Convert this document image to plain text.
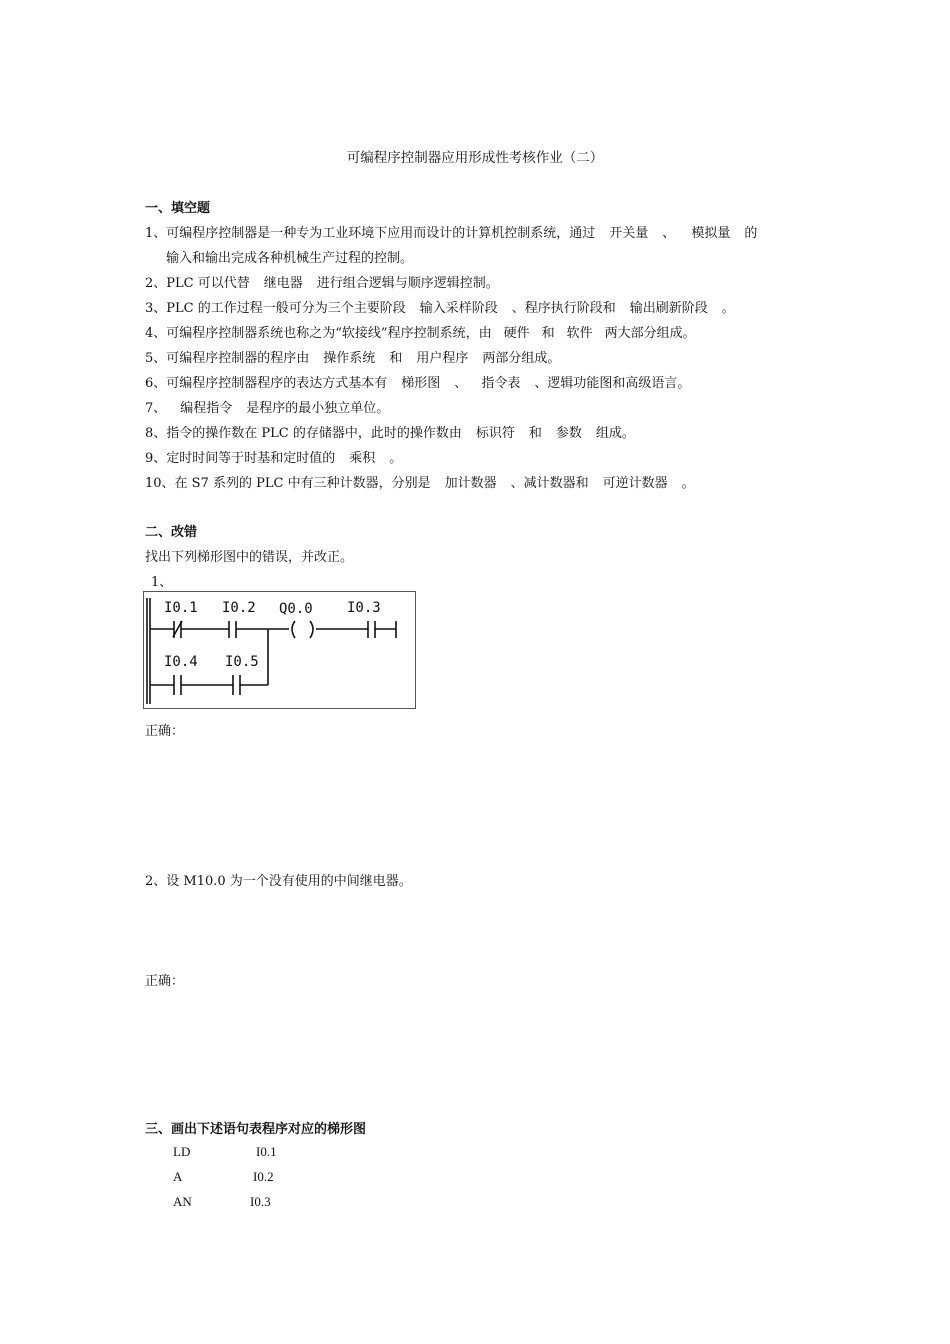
可编程序控制器应用形成性考核作业（二）
一、填空题
1、可编程序控制器是一种专为工业环境下应用而设计的计算机控制系统，通过 开关量 、 模拟量 的
输入和输出完成各种机械生产过程的控制。
2、PLC 可以代替 继电器 进行组合逻辑与顺序逻辑控制。
3、PLC 的工作过程一般可分为三个主要阶段 输入采样阶段 、程序执行阶段和 输出刷新阶段 。
4、可编程序控制器系统也称之为“软接线”程序控制系统，由 硬件 和 软件 两大部分组成。
5、可编程序控制器的程序由 操作系统 和 用户程序 两部分组成。
6、可编程序控制器程序的表达方式基本有 梯形图 、 指令表 、逻辑功能图和高级语言。
7、 编程指令 是程序的最小独立单位。
8、指令的操作数在 PLC 的存储器中，此时的操作数由 标识符 和 参数 组成。
9、定时时间等于时基和定时值的 乘积 。
10、在 S7 系列的 PLC 中有三种计数器，分别是 加计数器 、减计数器和 可逆计数器 。
二、改错
找出下列梯形图中的错误，并改正。
1、
I0.1 I0.2 Q0.0 I0.3
I0.4 I0.5
正确：
2、设 M10.0 为一个没有使用的中间继电器。
正确：
三、画出下述语句表程序对应的梯形图
LD	I0.1
A	I0.2
AN	I0.3
